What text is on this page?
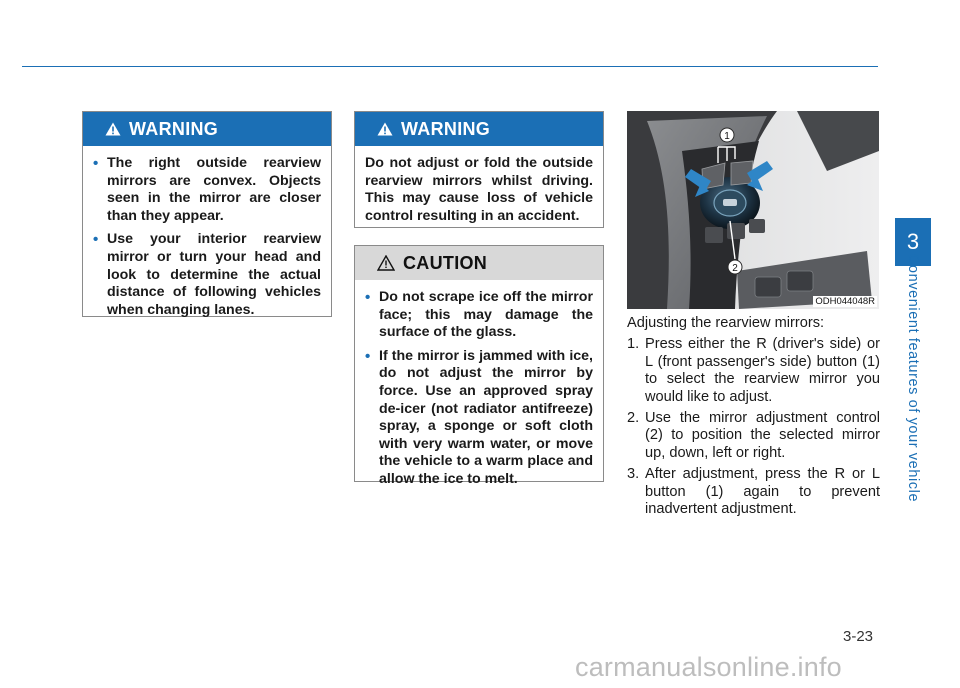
WARNING
• The right outside rearview mirrors are convex. Objects seen in the mirror are closer than they appear.
• Use your interior rearview mirror or turn your head and look to determine the actual distance of following vehicles when changing lanes.
WARNING
Do not adjust or fold the outside rearview mirrors whilst driving. This may cause loss of vehicle control resulting in an accident.
CAUTION
• Do not scrape ice off the mirror face; this may damage the surface of the glass.
• If the mirror is jammed with ice, do not adjust the mirror by force. Use an approved spray de-icer (not radiator antifreeze) spray, a sponge or soft cloth with very warm water, or move the vehicle to a warm place and allow the ice to melt.
1
2
ODH044048R

Adjusting the rearview mirrors:

1. Press either the R (driver's side) or L (front passenger's side) button (1) to select the rearview mirror you would like to adjust.
2. Use the mirror adjustment control (2) to position the selected mirror up, down, left or right.
3. After adjustment, press the R or L button (1) again to prevent inadvertent adjustment.
3
Convenient features of your vehicle
3-23
carmanualsonline.info
